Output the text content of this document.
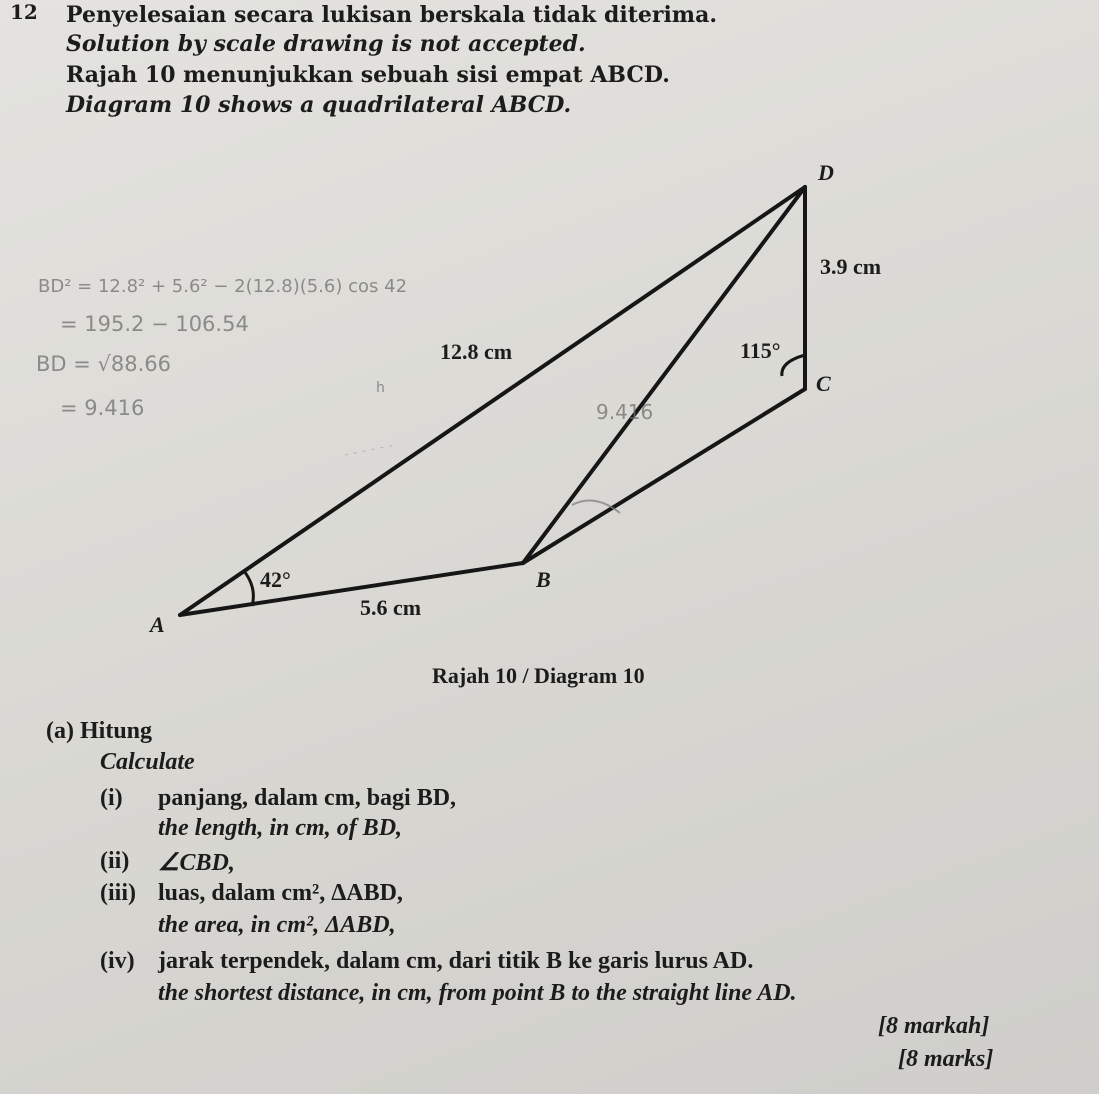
12 Penyelesaian secara lukisan berskala tidak diterima.
Solution by scale drawing is not accepted.
Rajah 10 menunjukkan sebuah sisi empat ABCD.
Diagram 10 shows a quadrilateral ABCD.
D
C
B
A
3.9 cm
12.8 cm
5.6 cm
42°
115°
Rajah 10 / Diagram 10
BD² = 12.8² + 5.6² − 2(12.8)(5.6) cos 42
= 195.2 − 106.54
BD = √88.66
= 9.416	9.416
h
(a) Hitung
Calculate
(i) panjang, dalam cm, bagi BD,
the length, in cm, of BD,
(ii) ∠CBD,
(iii) luas, dalam cm², ΔABD,
the area, in cm², ΔABD,
(iv) jarak terpendek, dalam cm, dari titik B ke garis lurus AD.
the shortest distance, in cm, from point B to the straight line AD.
[8 markah]
[8 marks]
